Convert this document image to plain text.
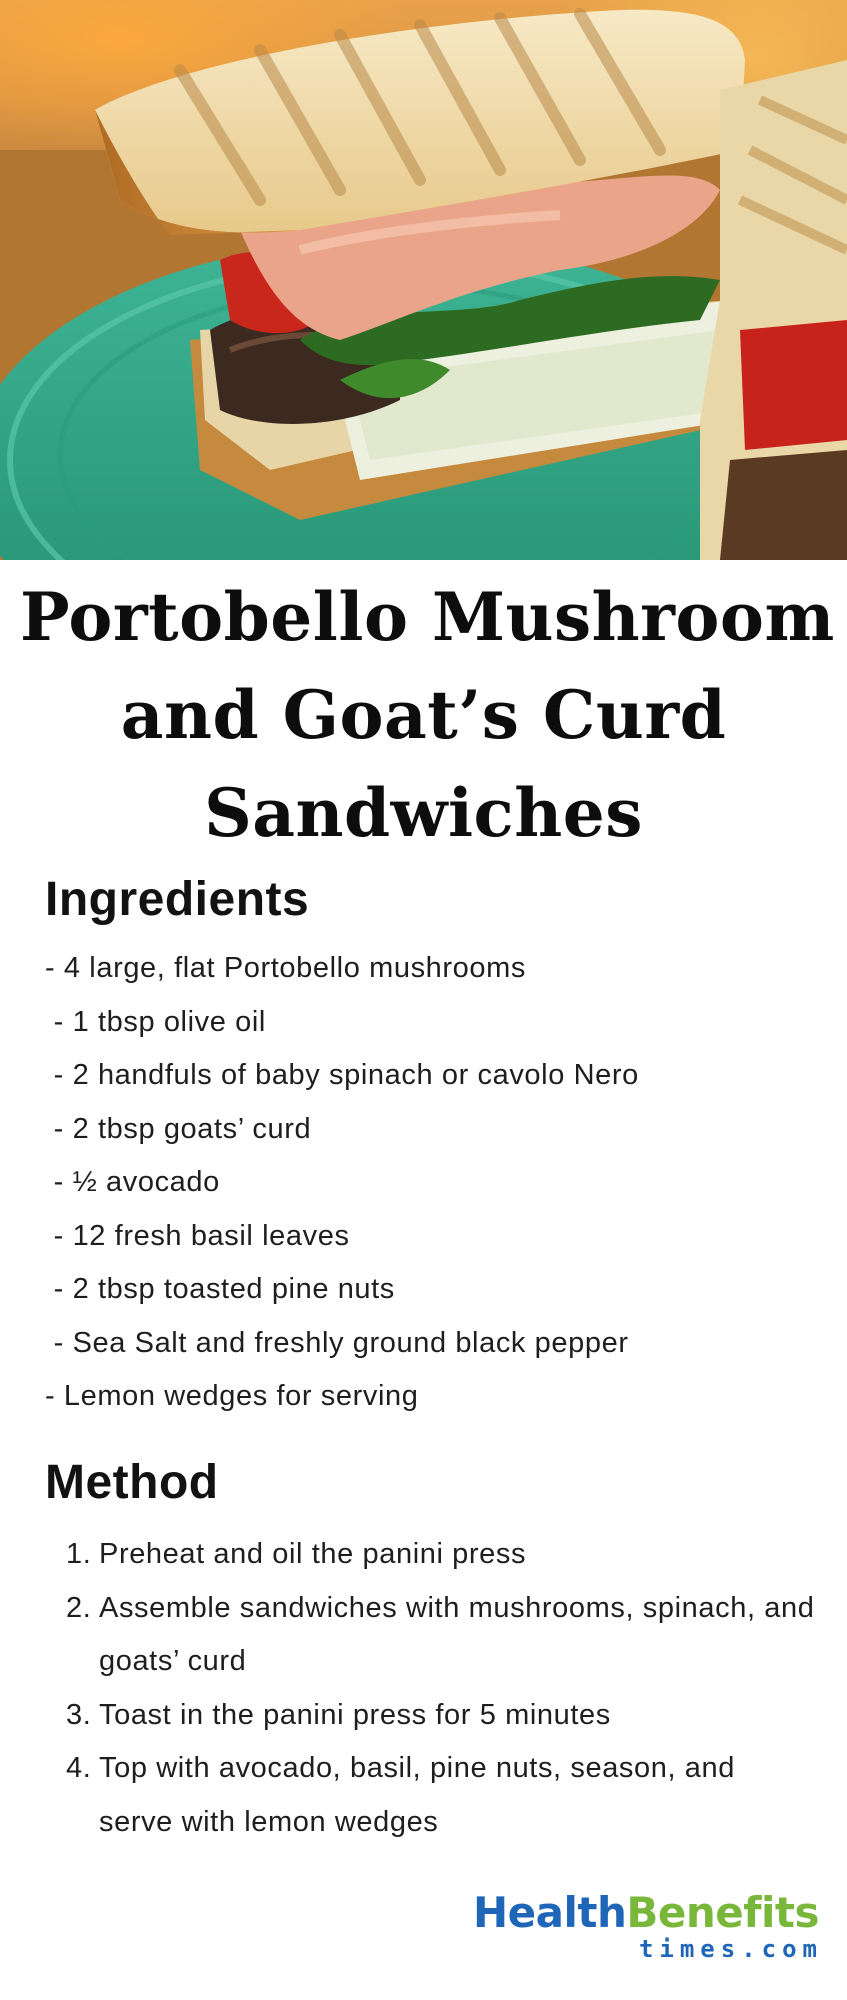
Portobello Mushroom
and Goat’s Curd
Sandwiches
Ingredients
- 4 large, flat Portobello mushrooms
- 1 tbsp olive oil
- 2 handfuls of baby spinach or cavolo Nero
- 2 tbsp goats’ curd
- ½ avocado
- 12 fresh basil leaves
- 2 tbsp toasted pine nuts
- Sea Salt and freshly ground black pepper
- Lemon wedges for serving
Method
1. Preheat and oil the panini press
2. Assemble sandwiches with mushrooms, spinach, and goats’ curd
3. Toast in the panini press for 5 minutes
4. Top with avocado, basil, pine nuts, season, and serve with lemon wedges
HealthBenefits
times.com
